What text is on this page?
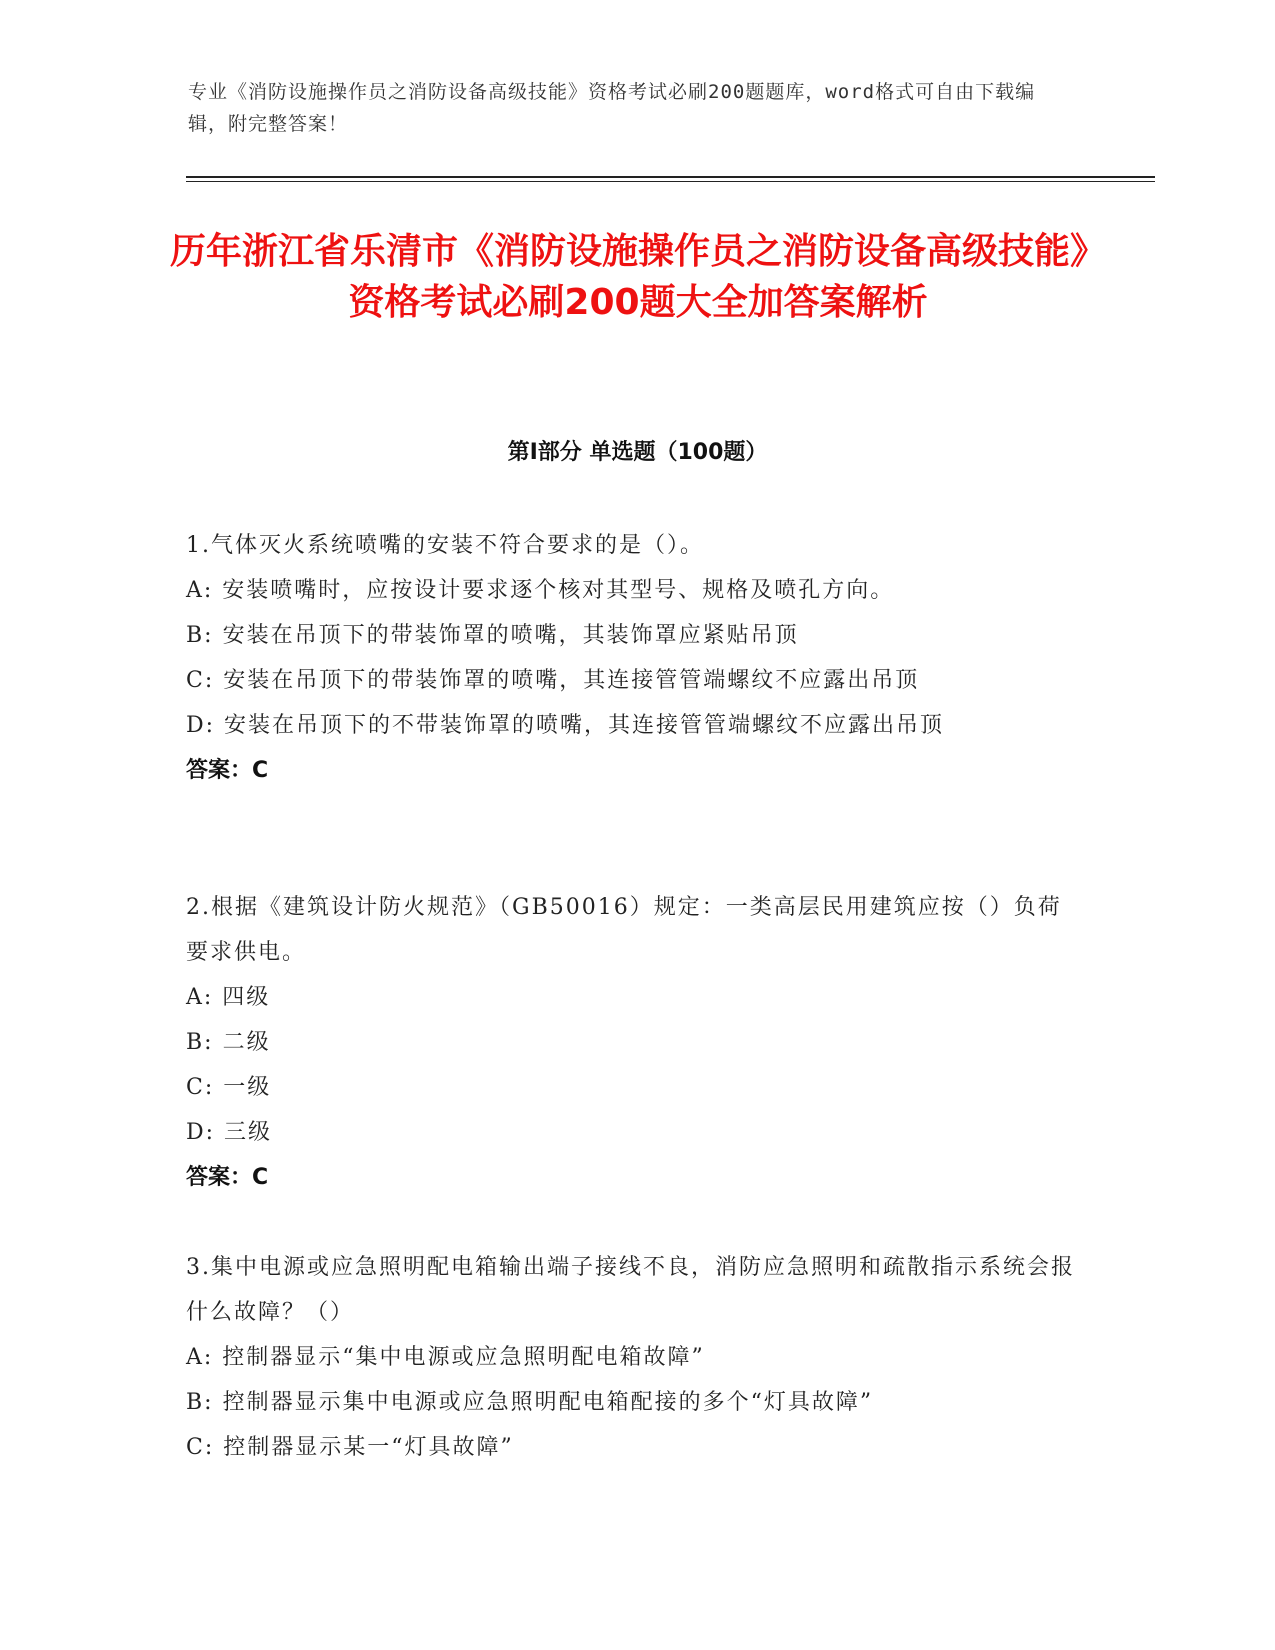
专业《消防设施操作员之消防设备高级技能》资格考试必刷200题题库，word格式可自由下载编辑，附完整答案！

历年浙江省乐清市《消防设施操作员之消防设备高级技能》资格考试必刷200题大全加答案解析
第Ⅰ部分 单选题（100题）

1.气体灭火系统喷嘴的安装不符合要求的是（）。

A: 安装喷嘴时，应按设计要求逐个核对其型号、规格及喷孔方向。

B: 安装在吊顶下的带装饰罩的喷嘴，其装饰罩应紧贴吊顶

C: 安装在吊顶下的带装饰罩的喷嘴，其连接管管端螺纹不应露出吊顶

D: 安装在吊顶下的不带装饰罩的喷嘴，其连接管管端螺纹不应露出吊顶

答案：C

2.根据《建筑设计防火规范》（GB50016）规定：一类高层民用建筑应按（）负荷要求供电。

A: 四级

B: 二级

C: 一级

D: 三级

答案：C

3.集中电源或应急照明配电箱输出端子接线不良，消防应急照明和疏散指示系统会报什么故障？（）

A: 控制器显示“集中电源或应急照明配电箱故障”

B: 控制器显示集中电源或应急照明配电箱配接的多个“灯具故障”

C: 控制器显示某一“灯具故障”
